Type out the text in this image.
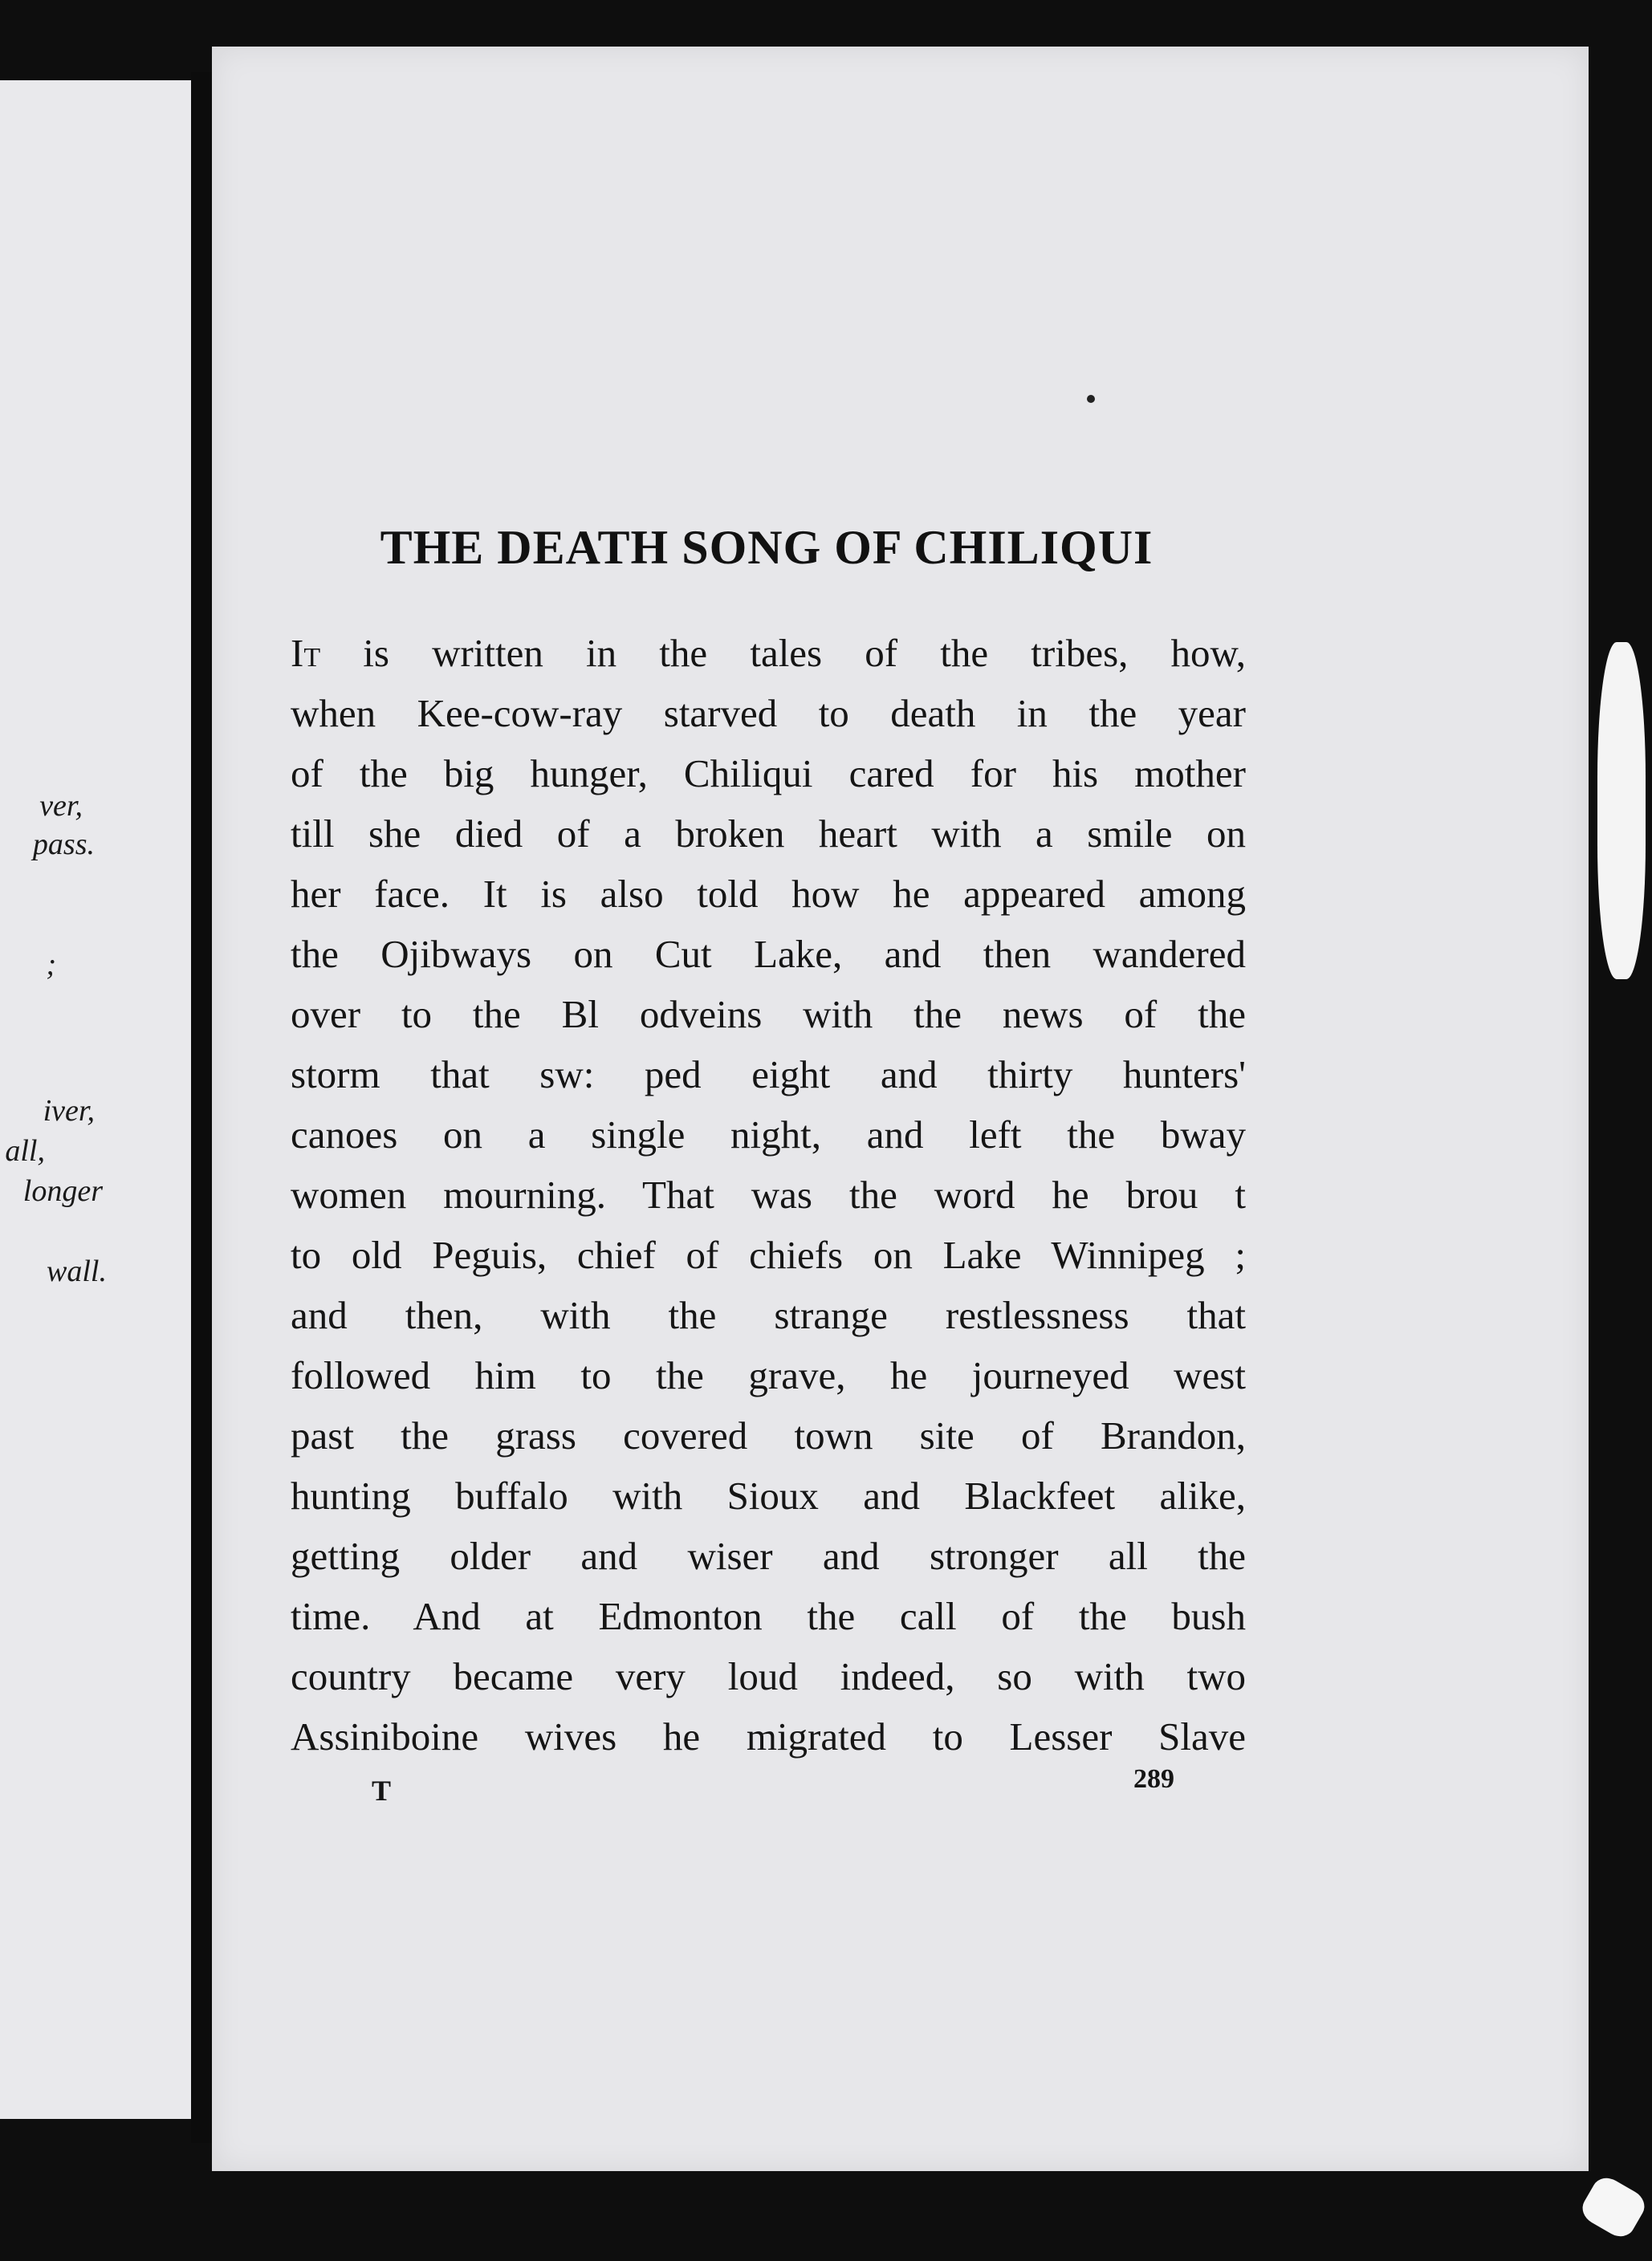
ver,
pass.
;
iver,
all,
longer
wall.
THE DEATH SONG OF CHILIQUI
It is written in the tales of the tribes, how,
when Kee-cow-ray starved to death in the year
of the big hunger, Chiliqui cared for his mother
till she died of a broken heart with a smile on
her face. It is also told how he appeared among
the Ojibways on Cut Lake, and then wandered
over to the Bl odveins with the news of the
storm that sw: ped eight and thirty hunters'
canoes on a single night, and left the bway
women mourning. That was the word he brou t
to old Peguis, chief of chiefs on Lake Winnipeg ;
and then, with the strange restlessness that
followed him to the grave, he journeyed west
past the grass covered town site of Brandon,
hunting buffalo with Sioux and Blackfeet alike,
getting older and wiser and stronger all the
time. And at Edmonton the call of the bush
country became very loud indeed, so with two
Assiniboine wives he migrated to Lesser Slave
T	289
